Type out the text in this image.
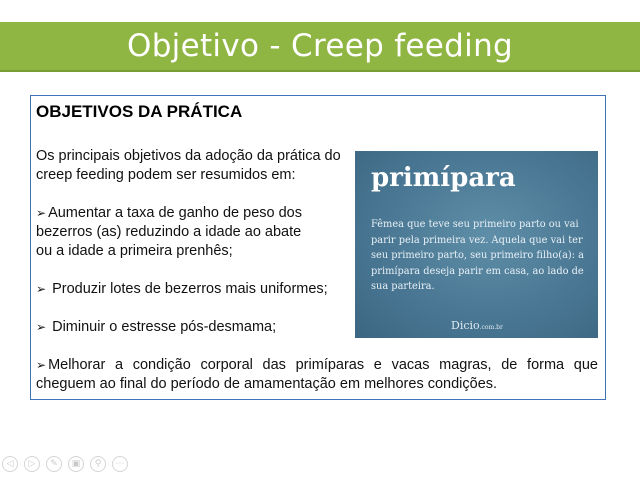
Objetivo - Creep feeding
OBJETIVOS DA PRÁTICA
Os principais objetivos da adoção da prática do
creep feeding podem ser resumidos em:
➢ Aumentar a taxa de ganho de peso dos
bezerros (as) reduzindo a idade ao abate
ou a idade a primeira prenhês;
➢ Produzir lotes de bezerros mais uniformes;
➢ Diminuir o estresse pós-desmama;
➢ Melhorar a condição corporal das primíparas e vacas magras, de forma que cheguem ao final do período de amamentação em melhores condições.
primípara
Fêmea que teve seu primeiro parto ou vai parir pela primeira vez. Aquela que vai ter seu primeiro parto, seu primeiro filho(a): a primípara deseja parir em casa, ao lado de sua parteira.
Dicio.com.br
◁	▷	✎	▣	⚲	⋯
